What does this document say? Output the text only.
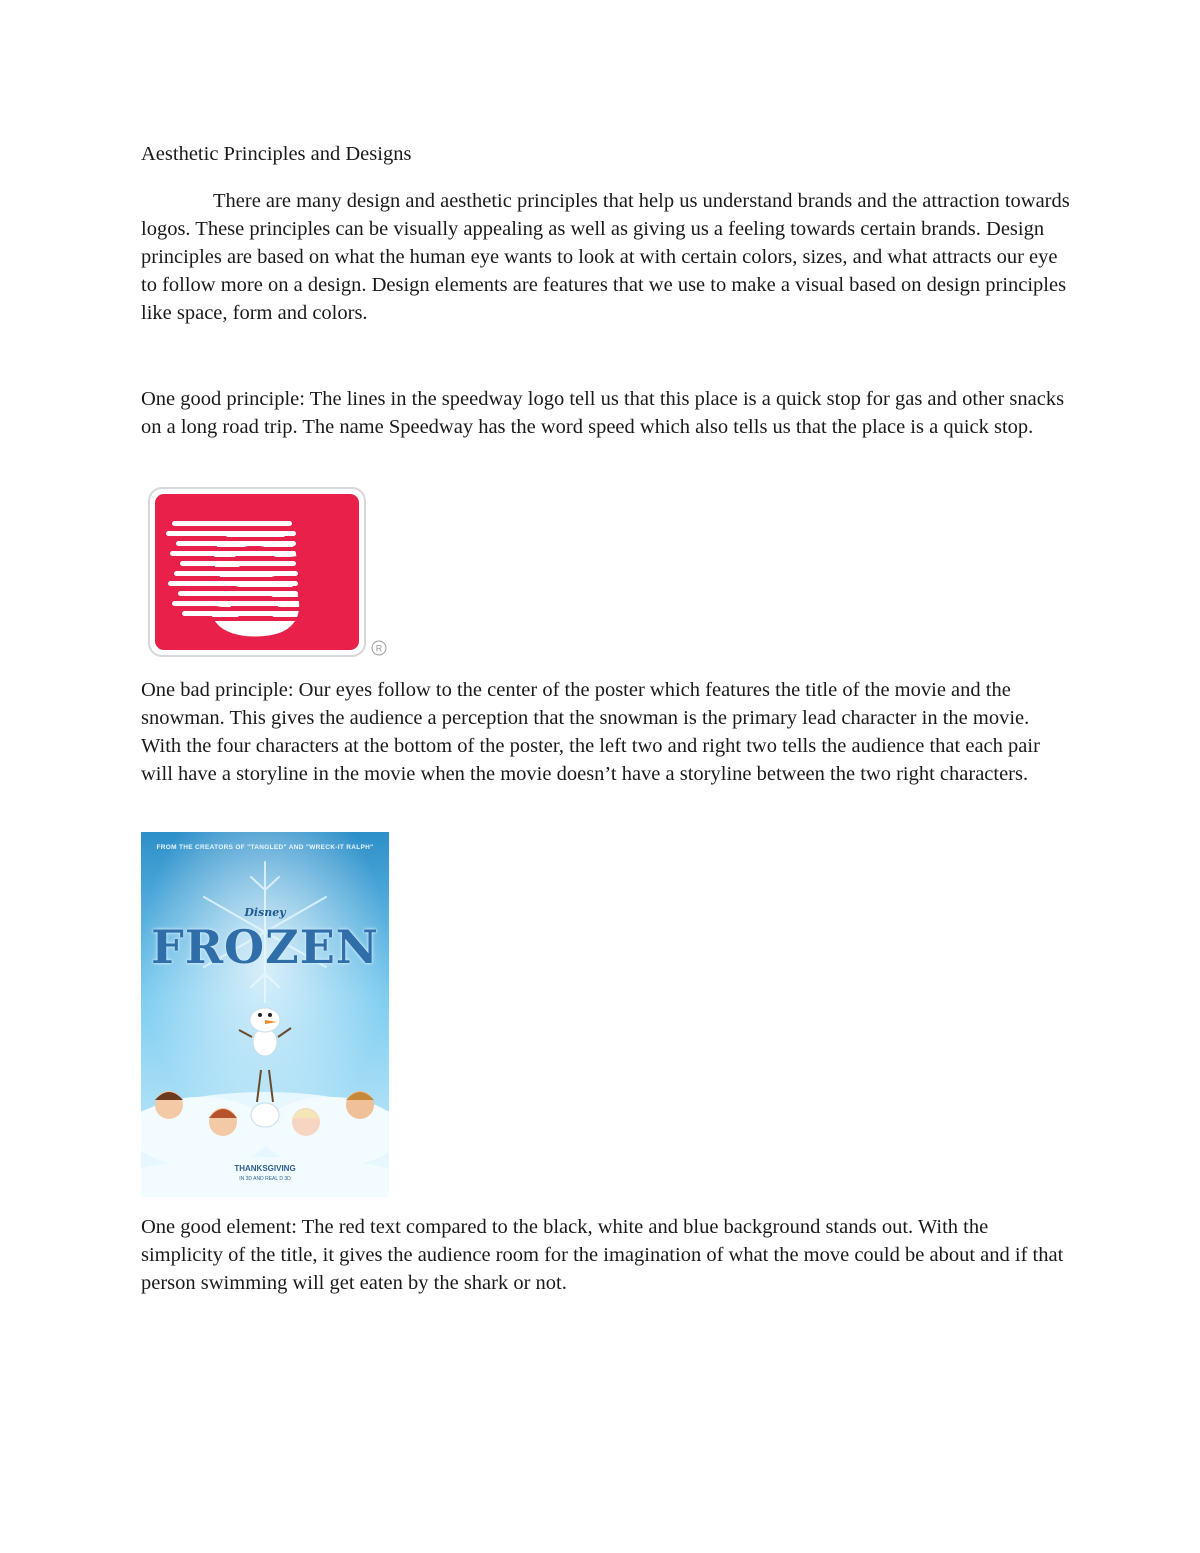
Aesthetic Principles and Designs

There are many design and aesthetic principles that help us understand brands and the attraction towards logos. These principles can be visually appealing as well as giving us a feeling towards certain brands. Design principles are based on what the human eye wants to look at with certain colors, sizes, and what attracts our eye to follow more on a design. Design elements are features that we use to make a visual based on design principles like space, form and colors.

One good principle: The lines in the speedway logo tell us that this place is a quick stop for gas and other snacks on a long road trip. The name Speedway has the word speed which also tells us that the place is a quick stop.

R

One bad principle: Our eyes follow to the center of the poster which features the title of the movie and the snowman. This gives the audience a perception that the snowman is the primary lead character in the movie. With the four characters at the bottom of the poster, the left two and right two tells the audience that each pair will have a storyline in the movie when the movie doesn’t have a storyline between the two right characters.

FROM THE CREATORS OF "TANGLED" AND "WRECK-IT RALPH"
Disney
FROZEN
THANKSGIVING
IN 3D AND REAL D 3D

One good element: The red text compared to the black, white and blue background stands out. With the simplicity of the title, it gives the audience room for the imagination of what the move could be about and if that person swimming will get eaten by the shark or not.
